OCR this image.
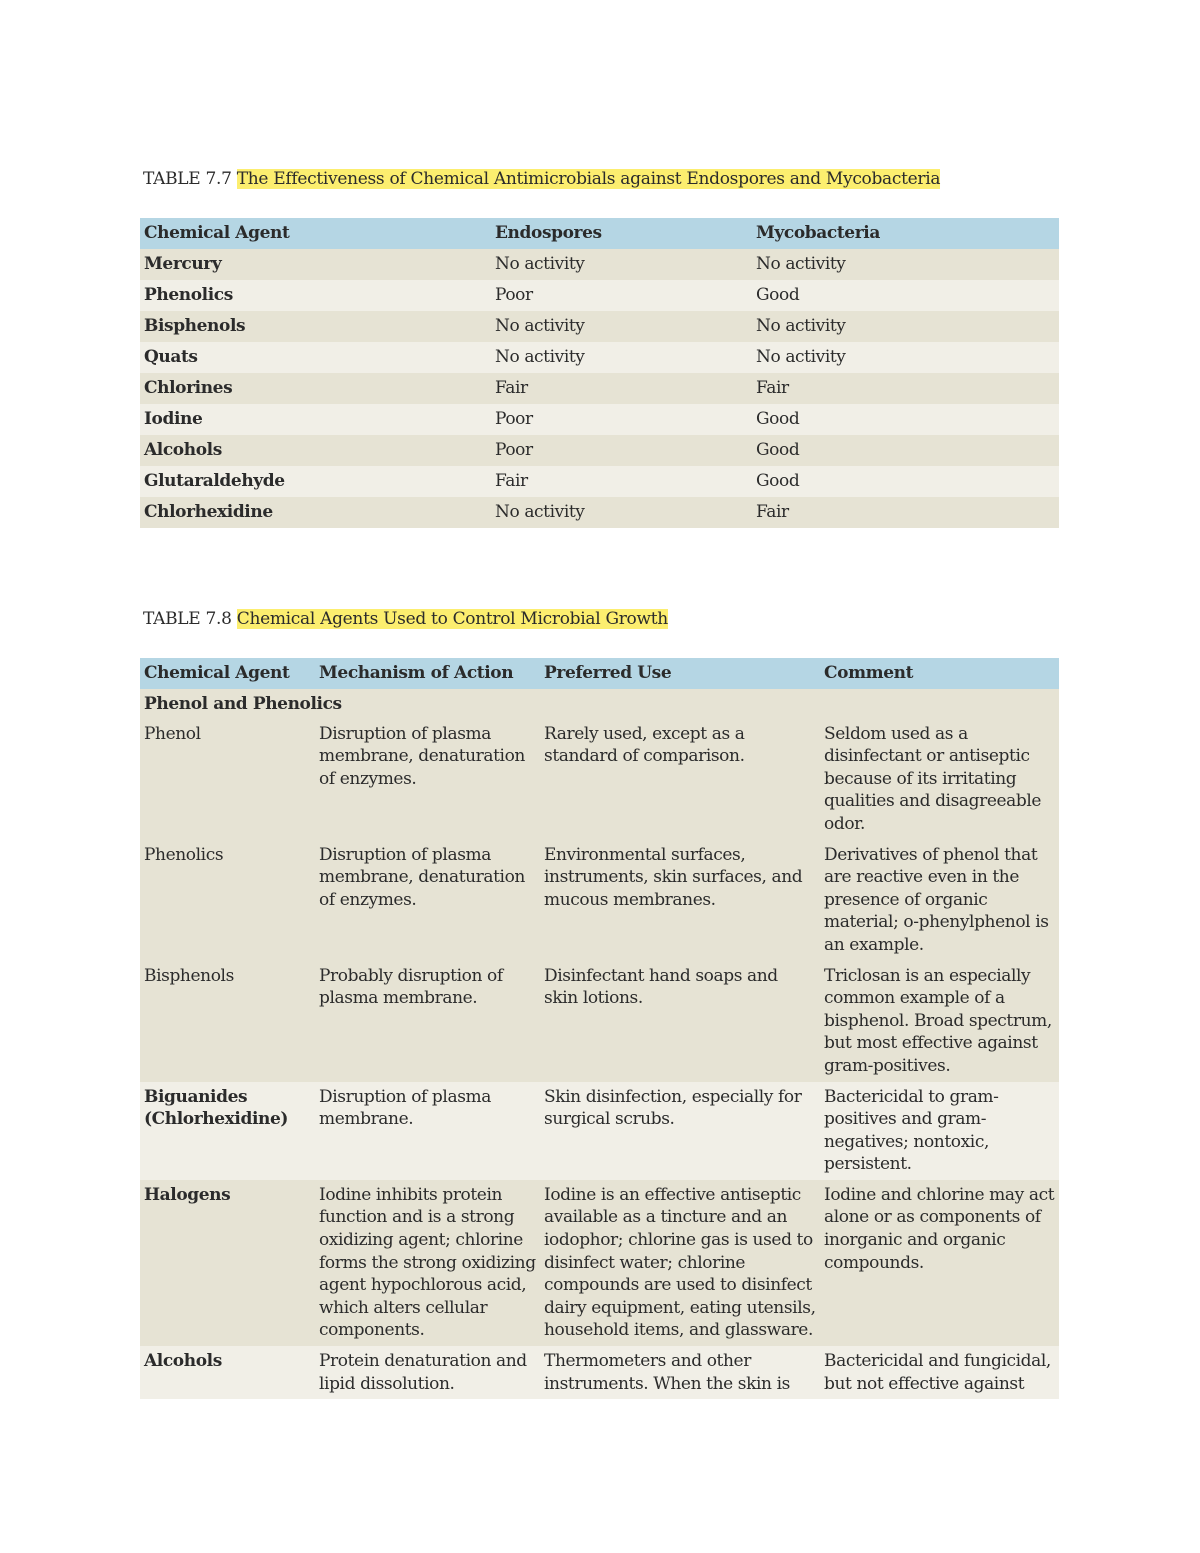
TABLE 7.7 The Effectiveness of Chemical Antimicrobials against Endospores and Mycobacteria
Chemical Agent	Endospores	Mycobacteria
Mercury	No activity	No activity
Phenolics	Poor	Good
Bisphenols	No activity	No activity
Quats	No activity	No activity
Chlorines	Fair	Fair
Iodine	Poor	Good
Alcohols	Poor	Good
Glutaraldehyde	Fair	Good
Chlorhexidine	No activity	Fair
TABLE 7.8 Chemical Agents Used to Control Microbial Growth
Chemical Agent	Mechanism of Action	Preferred Use	Comment
Phenol and Phenolics			
Phenol	Disruption of plasma membrane, denaturation of enzymes.	Rarely used, except as a standard of comparison.	Seldom used as a disinfectant or antiseptic because of its irritating qualities and disagreeable odor.
Phenolics	Disruption of plasma membrane, denaturation of enzymes.	Environmental surfaces, instruments, skin surfaces, and mucous membranes.	Derivatives of phenol that are reactive even in the presence of organic material; o-phenylphenol is an example.
Bisphenols	Probably disruption of plasma membrane.	Disinfectant hand soaps and skin lotions.	Triclosan is an especially common example of a bisphenol. Broad spectrum, but most effective against gram-positives.
Biguanides (Chlorhexidine)	Disruption of plasma membrane.	Skin disinfection, especially for surgical scrubs.	Bactericidal to gram-positives and gram-negatives; nontoxic, persistent.
Halogens	Iodine inhibits protein function and is a strong oxidizing agent; chlorine forms the strong oxidizing agent hypochlorous acid, which alters cellular components.	Iodine is an effective antiseptic available as a tincture and an iodophor; chlorine gas is used to disinfect water; chlorine compounds are used to disinfect dairy equipment, eating utensils, household items, and glassware.	Iodine and chlorine may act alone or as components of inorganic and organic compounds.
Alcohols	Protein denaturation and lipid dissolution.	Thermometers and other instruments. When the skin is	Bactericidal and fungicidal, but not effective against
